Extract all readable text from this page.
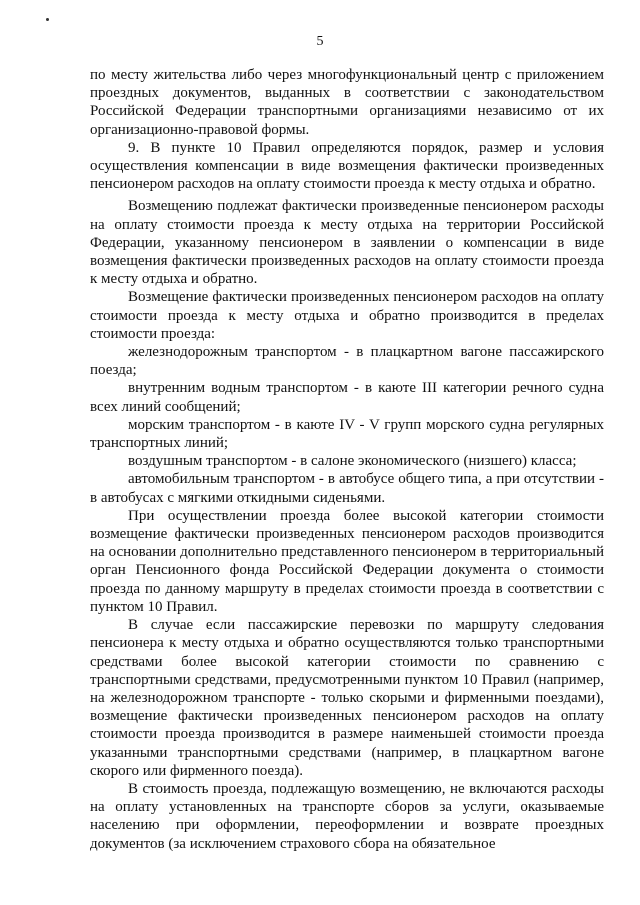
5

по месту жительства либо через многофункциональный центр с приложением проездных документов, выданных в соответствии с законодательством Российской Федерации транспортными организациями независимо от их организационно-правовой формы.

9. В пункте 10 Правил определяются порядок, размер и условия осуществления компенсации в виде возмещения фактически произведенных пенсионером расходов на оплату стоимости проезда к месту отдыха и обратно.

Возмещению подлежат фактически произведенные пенсионером расходы на оплату стоимости проезда к месту отдыха на территории Российской Федерации, указанному пенсионером в заявлении о компенсации в виде возмещения фактически произведенных расходов на оплату стоимости проезда к месту отдыха и обратно.

Возмещение фактически произведенных пенсионером расходов на оплату стоимости проезда к месту отдыха и обратно производится в пределах стоимости проезда:

железнодорожным транспортом - в плацкартном вагоне пассажирского поезда;

внутренним водным транспортом - в каюте III категории речного судна всех линий сообщений;

морским транспортом - в каюте IV - V групп морского судна регулярных транспортных линий;

воздушным транспортом - в салоне экономического (низшего) класса;

автомобильным транспортом - в автобусе общего типа, а при отсутствии - в автобусах с мягкими откидными сиденьями.

При осуществлении проезда более высокой категории стоимости возмещение фактически произведенных пенсионером расходов производится на основании дополнительно представленного пенсионером в территориальный орган Пенсионного фонда Российской Федерации документа о стоимости проезда по данному маршруту в пределах стоимости проезда в соответствии с пунктом 10 Правил.

В случае если пассажирские перевозки по маршруту следования пенсионера к месту отдыха и обратно осуществляются только транспортными средствами более высокой категории стоимости по сравнению с транспортными средствами, предусмотренными пунктом 10 Правил (например, на железнодорожном транспорте - только скорыми и фирменными поездами), возмещение фактически произведенных пенсионером расходов на оплату стоимости проезда производится в размере наименьшей стоимости проезда указанными транспортными средствами (например, в плацкартном вагоне скорого или фирменного поезда).

В стоимость проезда, подлежащую возмещению, не включаются расходы на оплату установленных на транспорте сборов за услуги, оказываемые населению при оформлении, переоформлении и возврате проездных документов (за исключением страхового сбора на обязательное
